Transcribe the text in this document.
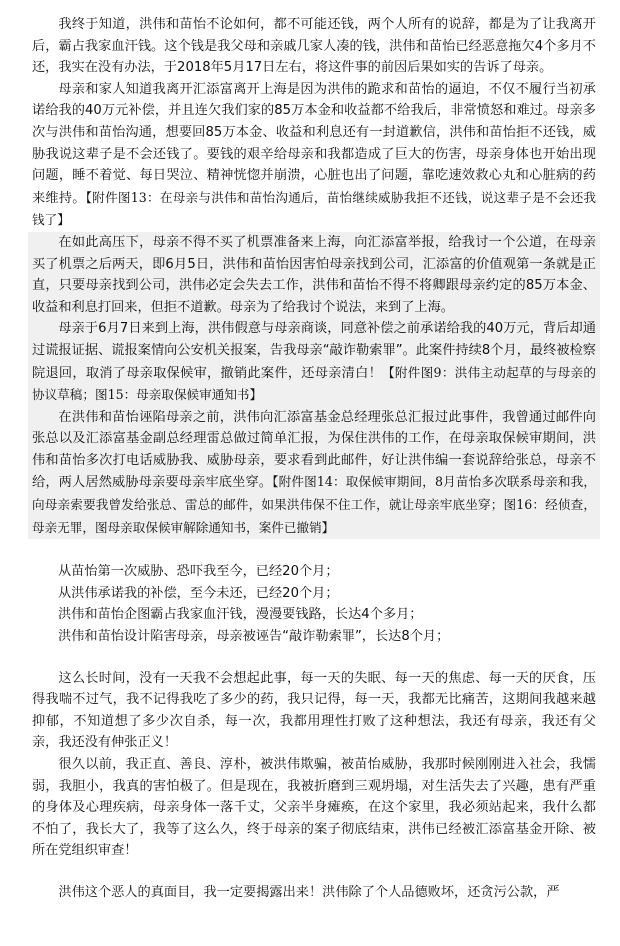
我终于知道，洪伟和苗怡不论如何，都不可能还钱，两个人所有的说辞，都是为了让我离开后，霸占我家血汗钱。这个钱是我父母和亲戚几家人凑的钱，洪伟和苗怡已经恶意拖欠4个多月不还，我实在没有办法，于2018年5月17日左右，将这件事的前因后果如实的告诉了母亲。

母亲和家人知道我离开汇添富离开上海是因为洪伟的跪求和苗怡的逼迫，不仅不履行当初承诺给我的40万元补偿，并且连欠我们家的85万本金和收益都不给我后，非常愤怒和难过。母亲多次与洪伟和苗怡沟通，想要回85万本金、收益和利息还有一封道歉信，洪伟和苗怡拒不还钱，威胁我说这辈子是不会还钱了。要钱的艰辛给母亲和我都造成了巨大的伤害，母亲身体也开始出现问题，睡不着觉、每日哭泣、精神恍惚并崩溃，心脏也出了问题，靠吃速效救心丸和心脏病的药来维持。【附件图13：在母亲与洪伟和苗怡沟通后，苗怡继续威胁我拒不还钱，说这辈子是不会还我钱了】

在如此高压下，母亲不得不买了机票准备来上海，向汇添富举报，给我讨一个公道，在母亲买了机票之后两天，即6月5日，洪伟和苗怡因害怕母亲找到公司，汇添富的价值观第一条就是正直，只要母亲找到公司，洪伟必定会失去工作，洪伟和苗怡不得不将卿跟母亲约定的85万本金、收益和利息打回来，但拒不道歉。母亲为了给我讨个说法，来到了上海。

母亲于6月7日来到上海，洪伟假意与母亲商谈，同意补偿之前承诺给我的40万元，背后却通过谎报证据、谎报案情向公安机关报案，告我母亲“敲诈勒索罪”。此案件持续8个月，最终被检察院退回，取消了母亲取保候审，撤销此案件，还母亲清白！【附件图9：洪伟主动起草的与母亲的协议草稿；图15：母亲取保候审通知书】

在洪伟和苗怡诬陷母亲之前，洪伟向汇添富基金总经理张总汇报过此事件，我曾通过邮件向张总以及汇添富基金副总经理雷总做过简单汇报，为保住洪伟的工作，在母亲取保候审期间，洪伟和苗怡多次打电话威胁我、威胁母亲，要求看到此邮件，好让洪伟编一套说辞给张总，母亲不给，两人居然威胁母亲要母亲牢底坐穿。【附件图14：取保候审期间，8月苗怡多次联系母亲和我，向母亲索要我曾发给张总、雷总的邮件，如果洪伟保不住工作，就让母亲牢底坐穿；图16：经侦查，母亲无罪，图母亲取保候审解除通知书，案件已撤销】

从苗怡第一次威胁、恐吓我至今，已经20个月；

从洪伟承诺我的补偿，至今未还，已经20个月；

洪伟和苗怡企图霸占我家血汗钱，漫漫要钱路，长达4个多月；

洪伟和苗怡设计陷害母亲，母亲被诬告“敲诈勒索罪”，长达8个月；

这么长时间，没有一天我不会想起此事，每一天的失眠、每一天的焦虑、每一天的厌食，压得我喘不过气，我不记得我吃了多少的药，我只记得，每一天，我都无比痛苦，这期间我越来越抑郁，不知道想了多少次自杀，每一次，我都用理性打败了这种想法，我还有母亲，我还有父亲，我还没有伸张正义！

很久以前，我正直、善良、淳朴，被洪伟欺骗，被苗怡威胁，我那时候刚刚进入社会，我懦弱，我胆小，我真的害怕极了。但是现在，我被折磨到三观坍塌，对生活失去了兴趣，患有严重的身体及心理疾病，母亲身体一落千丈，父亲半身瘫痪，在这个家里，我必须站起来，我什么都不怕了，我长大了，我等了这么久，终于母亲的案子彻底结束，洪伟已经被汇添富基金开除、被所在党组织审查！

洪伟这个恶人的真面目，我一定要揭露出来！洪伟除了个人品德败坏，还贪污公款，严
